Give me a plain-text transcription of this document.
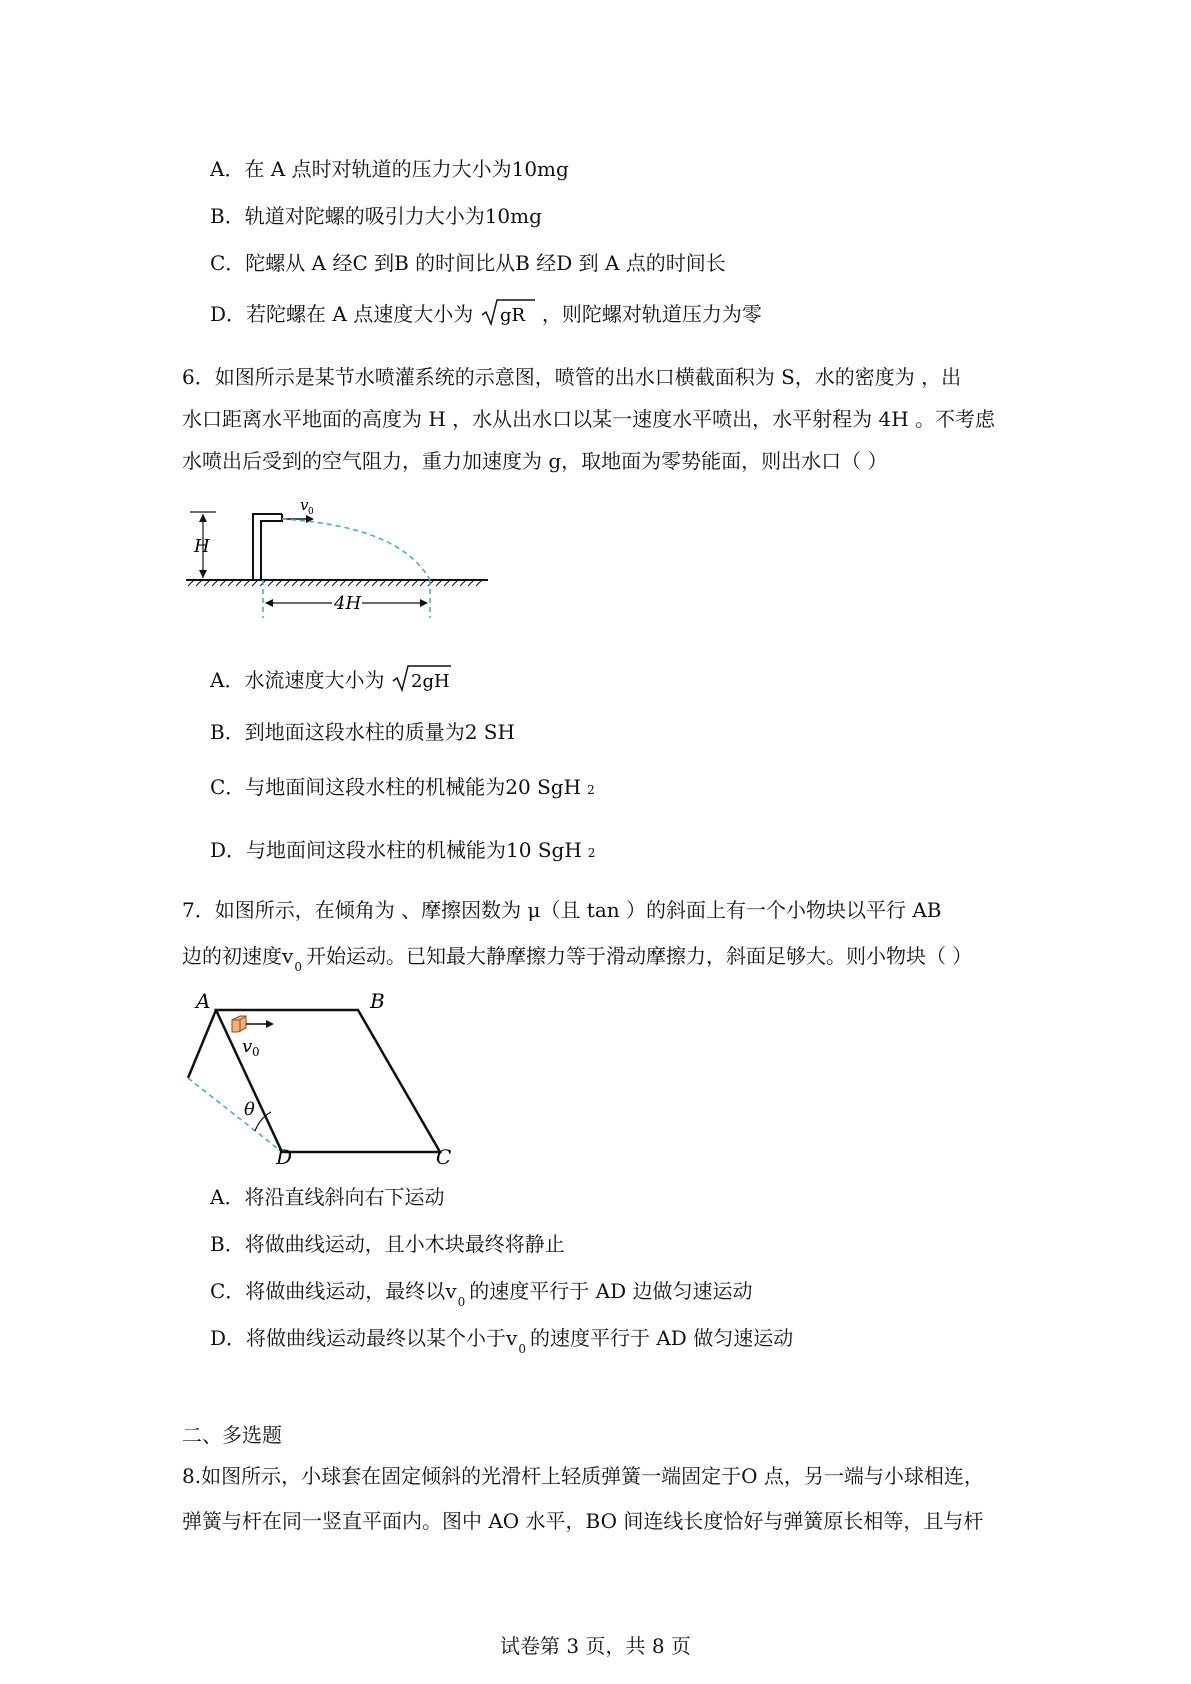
A．在 A 点时对轨道的压力大小为10mg
B．轨道对陀螺的吸引力大小为10mg
C．陀螺从 A 经C 到B 的时间比从B 经D 到 A 点的时间长
D．若陀螺在 A 点速度大小为 gR ，则陀螺对轨道压力为零
6．如图所示是某节水喷灌系统的示意图，喷管的出水口横截面积为 S，水的密度为 ，出
水口距离水平地面的高度为 H ，水从出水口以某一速度水平喷出，水平射程为 4H 。不考虑
水喷出后受到的空气阻力，重力加速度为 g，取地面为零势能面，则出水口（ ）
H
v 0
4H
A．水流速度大小为 2gH
B．到地面这段水柱的质量为2 SH
C．与地面间这段水柱的机械能为20 SgH 2
D．与地面间这段水柱的机械能为10 SgH 2
7．如图所示，在倾角为 、摩擦因数为 μ（且 tan ）的斜面上有一个小物块以平行 AB
边的初速度$v_0$ 开始运动。已知最大静摩擦力等于滑动摩擦力，斜面足够大。则小物块（ ）
θ
v 0
A	B
C
D
A．将沿直线斜向右下运动
B．将做曲线运动，且小木块最终将静止
C．将做曲线运动，最终以$v_0$ 的速度平行于 AD 边做匀速运动
D．将做曲线运动最终以某个小于$v_0$ 的速度平行于 AD 做匀速运动
二、多选题
8.如图所示，小球套在固定倾斜的光滑杆上轻质弹簧一端固定于O 点，另一端与小球相连，
弹簧与杆在同一竖直平面内。图中 AO 水平，BO 间连线长度恰好与弹簧原长相等，且与杆
试卷第 3 页，共 8 页
